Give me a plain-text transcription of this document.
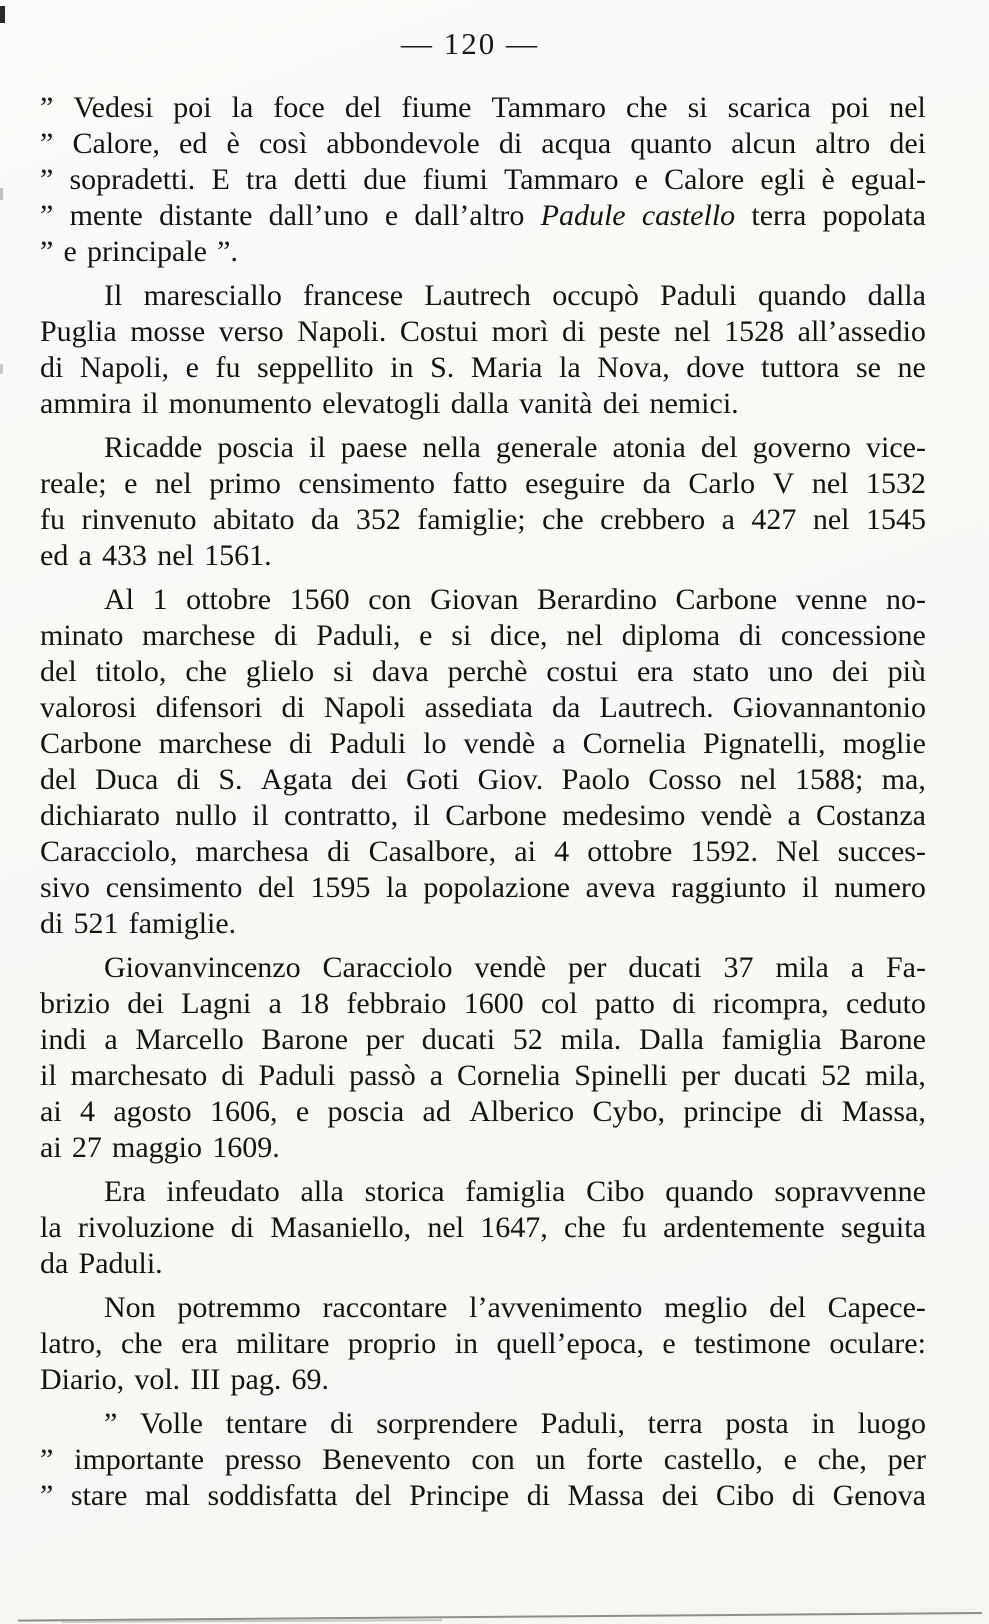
— 120 —
” Vedesi poi la foce del fiume Tammaro che si scarica poi nel
” Calore, ed è così abbondevole di acqua quanto alcun altro dei
” sopradetti. E tra detti due fiumi Tammaro e Calore egli è egual-
” mente distante dall’uno e dall’altro Padule castello terra popolata
” e principale ”.
Il maresciallo francese Lautrech occupò Paduli quando dalla
Puglia mosse verso Napoli. Costui morì di peste nel 1528 all’assedio
di Napoli, e fu seppellito in S. Maria la Nova, dove tuttora se ne
ammira il monumento elevatogli dalla vanità dei nemici.
Ricadde poscia il paese nella generale atonia del governo vice-
reale; e nel primo censimento fatto eseguire da Carlo V nel 1532
fu rinvenuto abitato da 352 famiglie; che crebbero a 427 nel 1545
ed a 433 nel 1561.
Al 1 ottobre 1560 con Giovan Berardino Carbone venne no-
minato marchese di Paduli, e si dice, nel diploma di concessione
del titolo, che glielo si dava perchè costui era stato uno dei più
valorosi difensori di Napoli assediata da Lautrech. Giovannantonio
Carbone marchese di Paduli lo vendè a Cornelia Pignatelli, moglie
del Duca di S. Agata dei Goti Giov. Paolo Cosso nel 1588; ma,
dichiarato nullo il contratto, il Carbone medesimo vendè a Costanza
Caracciolo, marchesa di Casalbore, ai 4 ottobre 1592. Nel succes-
sivo censimento del 1595 la popolazione aveva raggiunto il numero
di 521 famiglie.
Giovanvincenzo Caracciolo vendè per ducati 37 mila a Fa-
brizio dei Lagni a 18 febbraio 1600 col patto di ricompra, ceduto
indi a Marcello Barone per ducati 52 mila. Dalla famiglia Barone
il marchesato di Paduli passò a Cornelia Spinelli per ducati 52 mila,
ai 4 agosto 1606, e poscia ad Alberico Cybo, principe di Massa,
ai 27 maggio 1609.
Era infeudato alla storica famiglia Cibo quando sopravvenne
la rivoluzione di Masaniello, nel 1647, che fu ardentemente seguita
da Paduli.
Non potremmo raccontare l’avvenimento meglio del Capece-
latro, che era militare proprio in quell’epoca, e testimone oculare:
Diario, vol. III pag. 69.
” Volle tentare di sorprendere Paduli, terra posta in luogo
” importante presso Benevento con un forte castello, e che, per
” stare mal soddisfatta del Principe di Massa dei Cibo di Genova
